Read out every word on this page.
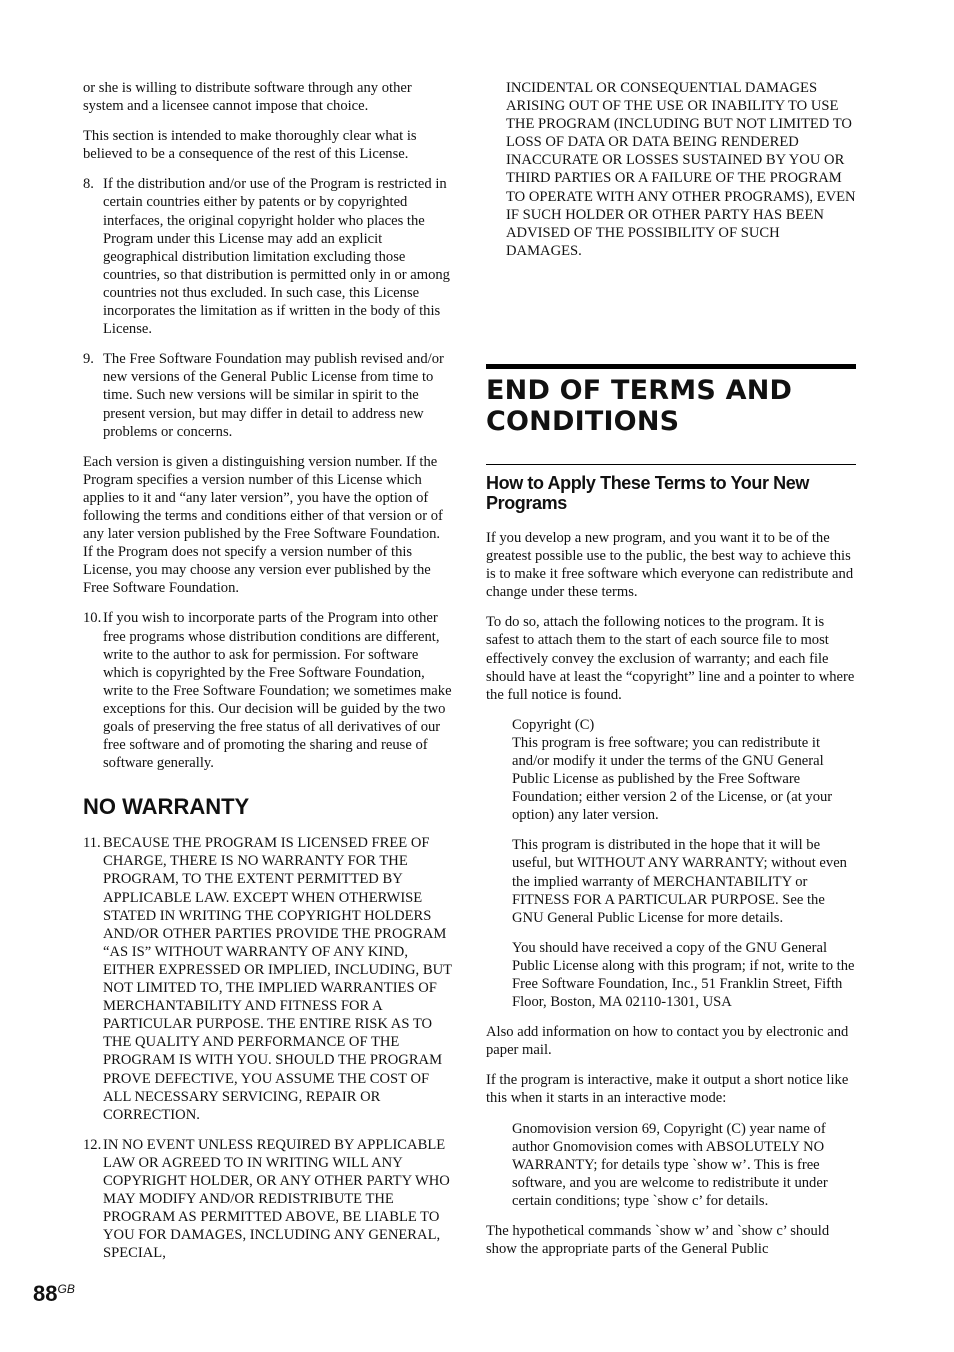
or she is willing to distribute software through any other system and a licensee cannot impose that choice.

This section is intended to make thoroughly clear what is believed to be a consequence of the rest of this License.

8. If the distribution and/or use of the Program is restricted in certain countries either by patents or by copyrighted interfaces, the original copyright holder who places the Program under this License may add an explicit geographical distribution limitation excluding those countries, so that distribution is permitted only in or among countries not thus excluded. In such case, this License incorporates the limitation as if written in the body of this License.
9. The Free Software Foundation may publish revised and/or new versions of the General Public License from time to time. Such new versions will be similar in spirit to the present version, but may differ in detail to address new problems or concerns.

Each version is given a distinguishing version number. If the Program specifies a version number of this License which applies to it and “any later version”, you have the option of following the terms and conditions either of that version or of any later version published by the Free Software Foundation. If the Program does not specify a version number of this License, you may choose any version ever published by the Free Software Foundation.

10. If you wish to incorporate parts of the Program into other free programs whose distribution conditions are different, write to the author to ask for permission. For software which is copyrighted by the Free Software Foundation, write to the Free Software Foundation; we sometimes make exceptions for this. Our decision will be guided by the two goals of preserving the free status of all derivatives of our free software and of promoting the sharing and reuse of software generally.
NO WARRANTY
11. BECAUSE THE PROGRAM IS LICENSED FREE OF CHARGE, THERE IS NO WARRANTY FOR THE PROGRAM, TO THE EXTENT PERMITTED BY APPLICABLE LAW. EXCEPT WHEN OTHERWISE STATED IN WRITING THE COPYRIGHT HOLDERS AND/OR OTHER PARTIES PROVIDE THE PROGRAM “AS IS” WITHOUT WARRANTY OF ANY KIND, EITHER EXPRESSED OR IMPLIED, INCLUDING, BUT NOT LIMITED TO, THE IMPLIED WARRANTIES OF MERCHANTABILITY AND FITNESS FOR A PARTICULAR PURPOSE. THE ENTIRE RISK AS TO THE QUALITY AND PERFORMANCE OF THE PROGRAM IS WITH YOU. SHOULD THE PROGRAM PROVE DEFECTIVE, YOU ASSUME THE COST OF ALL NECESSARY SERVICING, REPAIR OR CORRECTION.
12. IN NO EVENT UNLESS REQUIRED BY APPLICABLE LAW OR AGREED TO IN WRITING WILL ANY COPYRIGHT HOLDER, OR ANY OTHER PARTY WHO MAY MODIFY AND/OR REDISTRIBUTE THE PROGRAM AS PERMITTED ABOVE, BE LIABLE TO YOU FOR DAMAGES, INCLUDING ANY GENERAL, SPECIAL,

INCIDENTAL OR CONSEQUENTIAL DAMAGES ARISING OUT OF THE USE OR INABILITY TO USE THE PROGRAM (INCLUDING BUT NOT LIMITED TO LOSS OF DATA OR DATA BEING RENDERED INACCURATE OR LOSSES SUSTAINED BY YOU OR THIRD PARTIES OR A FAILURE OF THE PROGRAM TO OPERATE WITH ANY OTHER PROGRAMS), EVEN IF SUCH HOLDER OR OTHER PARTY HAS BEEN ADVISED OF THE POSSIBILITY OF SUCH DAMAGES.

END OF TERMS AND CONDITIONS
How to Apply These Terms to Your New Programs

If you develop a new program, and you want it to be of the greatest possible use to the public, the best way to achieve this is to make it free software which everyone can redistribute and change under these terms.

To do so, attach the following notices to the program. It is safest to attach them to the start of each source file to most effectively convey the exclusion of warranty; and each file should have at least the “copyright” line and a pointer to where the full notice is found.

Copyright (C)

This program is free software; you can redistribute it and/or modify it under the terms of the GNU General Public License as published by the Free Software Foundation; either version 2 of the License, or (at your option) any later version.

This program is distributed in the hope that it will be useful, but WITHOUT ANY WARRANTY; without even the implied warranty of MERCHANTABILITY or FITNESS FOR A PARTICULAR PURPOSE. See the GNU General Public License for more details.

You should have received a copy of the GNU General Public License along with this program; if not, write to the Free Software Foundation, Inc., 51 Franklin Street, Fifth Floor, Boston, MA 02110-1301, USA

Also add information on how to contact you by electronic and paper mail.

If the program is interactive, make it output a short notice like this when it starts in an interactive mode:

Gnomovision version 69, Copyright (C) year name of author Gnomovision comes with ABSOLUTELY NO WARRANTY; for details type `show w’. This is free software, and you are welcome to redistribute it under certain conditions; type `show c’ for details.

The hypothetical commands `show w’ and `show c’ should show the appropriate parts of the General Public

$88^{GB}$
